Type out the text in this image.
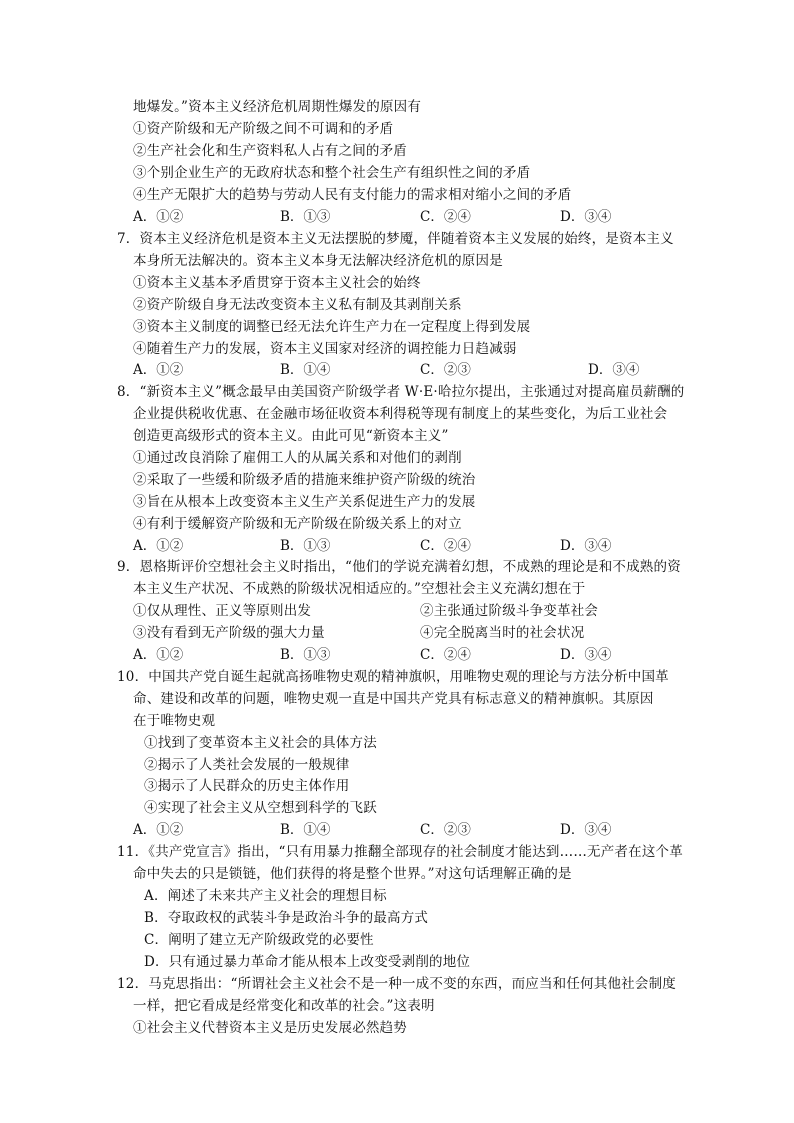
地爆发。”资本主义经济危机周期性爆发的原因有
①资产阶级和无产阶级之间不可调和的矛盾
②生产社会化和生产资料私人占有之间的矛盾
③个别企业生产的无政府状态和整个社会生产有组织性之间的矛盾
④生产无限扩大的趋势与劳动人民有支付能力的需求相对缩小之间的矛盾
A．①②	B．①③	C．②④	D．③④
7．资本主义经济危机是资本主义无法摆脱的梦魇，伴随着资本主义发展的始终，是资本主义
本身所无法解决的。资本主义本身无法解决经济危机的原因是
①资本主义基本矛盾贯穿于资本主义社会的始终
②资产阶级自身无法改变资本主义私有制及其剥削关系
③资本主义制度的调整已经无法允许生产力在一定程度上得到发展
④随着生产力的发展，资本主义国家对经济的调控能力日趋减弱
A．①②	B．①④	C．②③	D．③④
8．“新资本主义”概念最早由美国资产阶级学者 W·E·哈拉尔提出，主张通过对提高雇员薪酬的
企业提供税收优惠、在金融市场征收资本利得税等现有制度上的某些变化，为后工业社会
创造更高级形式的资本主义。由此可见“新资本主义”
①通过改良消除了雇佣工人的从属关系和对他们的剥削
②采取了一些缓和阶级矛盾的措施来维护资产阶级的统治
③旨在从根本上改变资本主义生产关系促进生产力的发展
④有利于缓解资产阶级和无产阶级在阶级关系上的对立
A．①②	B．①③	C．②④	D．③④
9．恩格斯评价空想社会主义时指出，“他们的学说充满着幻想，不成熟的理论是和不成熟的资
本主义生产状况、不成熟的阶级状况相适应的。”空想社会主义充满幻想在于
①仅从理性、正义等原则出发	②主张通过阶级斗争变革社会
③没有看到无产阶级的强大力量	④完全脱离当时的社会状况
A．①②	B．①③	C．②④	D．③④
10．中国共产党自诞生起就高扬唯物史观的精神旗帜，用唯物史观的理论与方法分析中国革
命、建设和改革的问题，唯物史观一直是中国共产党具有标志意义的精神旗帜。其原因
在于唯物史观
①找到了变革资本主义社会的具体方法
②揭示了人类社会发展的一般规律
③揭示了人民群众的历史主体作用
④实现了社会主义从空想到科学的飞跃
A．①②	B．①④	C．②③	D．③④
11．《共产党宣言》指出，“只有用暴力推翻全部现存的社会制度才能达到……无产者在这个革
命中失去的只是锁链，他们获得的将是整个世界。”对这句话理解正确的是
A．阐述了未来共产主义社会的理想目标
B．夺取政权的武装斗争是政治斗争的最高方式
C．阐明了建立无产阶级政党的必要性
D．只有通过暴力革命才能从根本上改变受剥削的地位
12．马克思指出：“所谓社会主义社会不是一种一成不变的东西，而应当和任何其他社会制度
一样，把它看成是经常变化和改革的社会。”这表明
①社会主义代替资本主义是历史发展必然趋势
